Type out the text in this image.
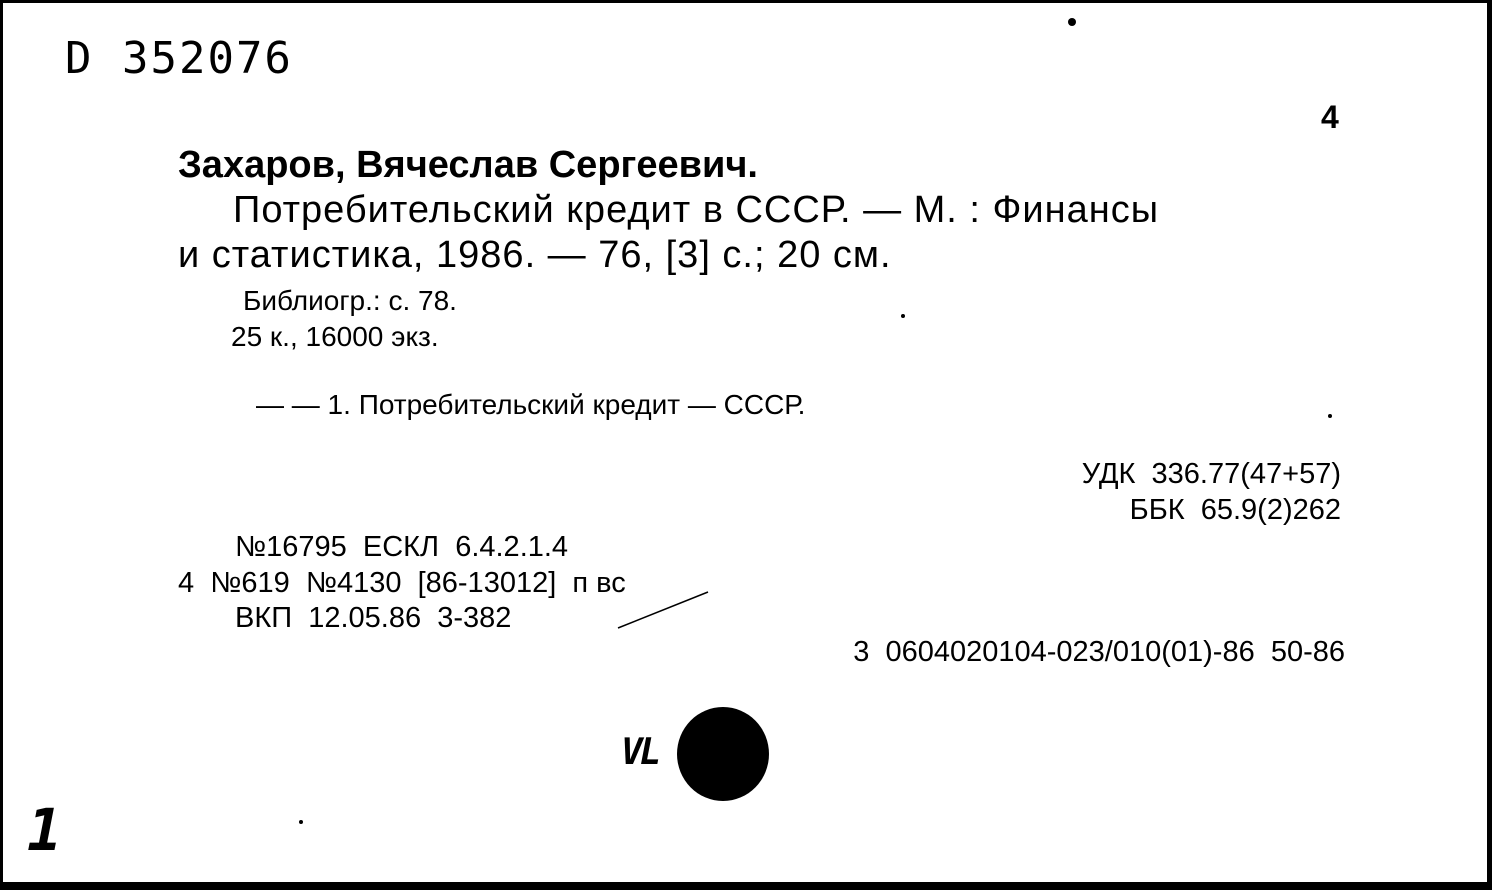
D 352076
4
Захаров, Вячеслав Сергеевич.
Потребительский кредит в СССР. — М. : Финансы
и статистика, 1986. — 76, [3] с.; 20 см.
Библиогр.: с. 78.
25 к., 16000 экз.
— — 1. Потребительский кредит — СССР.
УДК  336.77(47+57)
ББК  65.9(2)262
№16795  ЕСКЛ  6.4.2.1.4
4  №619  №4130  [86-13012]  п вс
ВКП  12.05.86  3-382
3  0604020104-023/010(01)-86  50-86
VL
1
